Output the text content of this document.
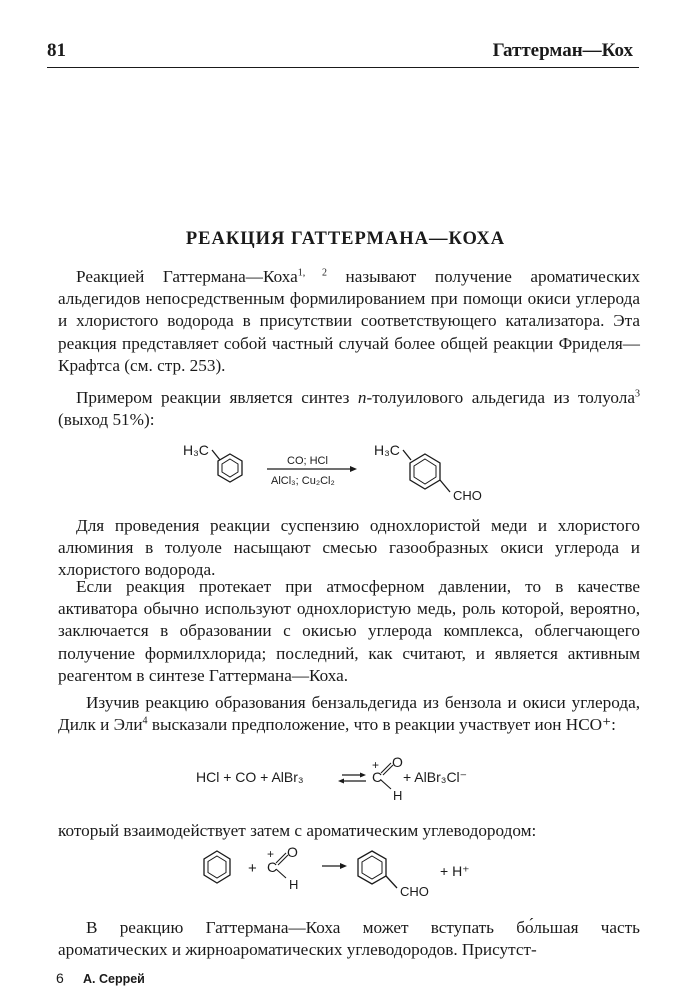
81	Гаттерман—Кох
РЕАКЦИЯ ГАТТЕРМАНА—КОХА

Реакцией Гаттермана—Коха$^{1, 2}$ называют получение ароматических альдегидов непосредственным формилированием при помощи окиси углерода и хлористого водорода в присутствии соответствующего катализатора. Эта реакция представляет собой частный случай более общей реакции Фриделя—Крафтса (см. стр. 253).

Примером реакции является синтез п-толуилового альдегида из толуола$^3$ (выход 51%):

H₃C
CO; HCl
AlCl₃; Cu₂Cl₂
H₃C
CHO

Для проведения реакции суспензию однохлористой меди и хлористого алюминия в толуоле насыщают смесью газообразных окиси углерода и хлористого водорода.

Если реакция протекает при атмосферном давлении, то в качестве активатора обычно используют однохлористую медь, роль которой, вероятно, заключается в образовании с окисью углерода комплекса, облегчающего получение формилхлорида; последний, как считают, и является активным реагентом в синтезе Гаттермана—Коха.

Изучив реакцию образования бензальдегида из бензола и окиси углерода, Дилк и Эли$^4$ высказали предположение, что в реакции участвует ион НСО⁺:

HCl + CO + AlBr₃
+
C
O
H
+ AlBr₃Cl⁻

который взаимодействует затем с ароматическим углеводородом:

+
+
C
O
H	CHO
+ H⁺

В реакцию Гаттермана—Коха может вступать бо́льшая часть ароматических и жирноароматических углеводородов. Присутст-

6 А. Серрей
